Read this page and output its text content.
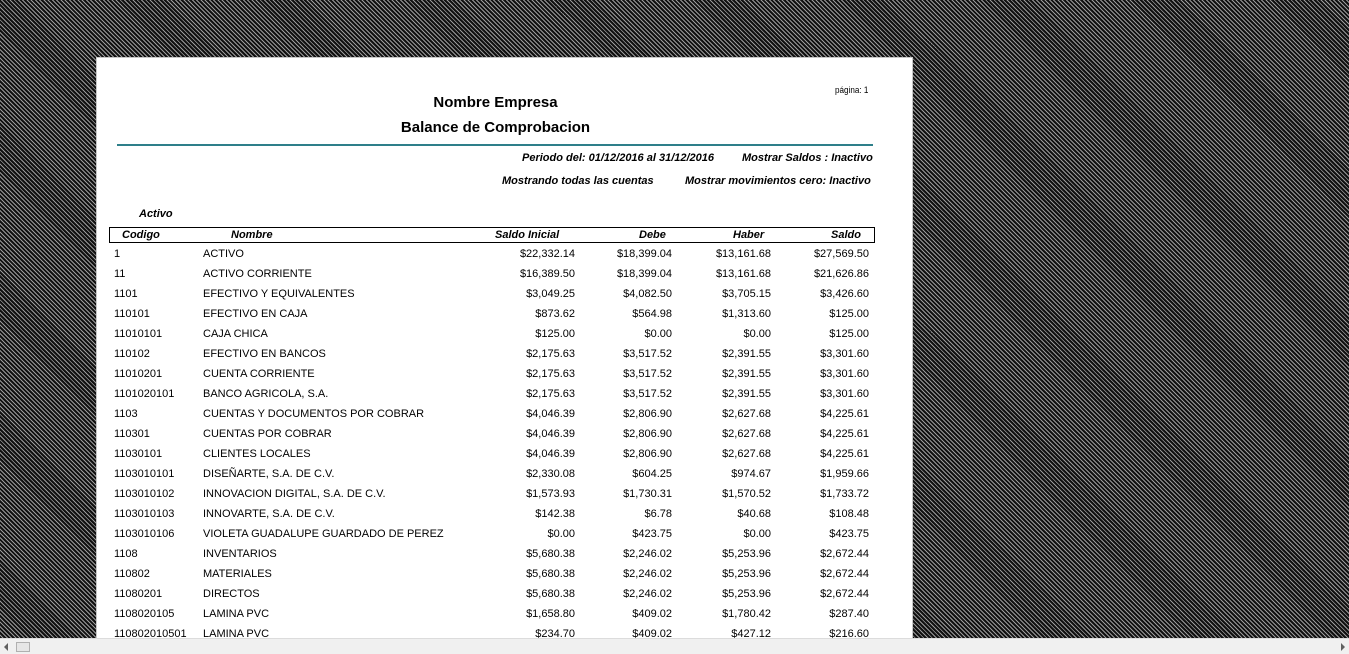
página: 1
Nombre Empresa
Balance de Comprobacion
Periodo del: 01/12/2016 al 31/12/2016	Mostrar Saldos : Inactivo
Mostrando todas las cuentas	Mostrar movimientos cero: Inactivo
Activo
Codigo	Nombre	Saldo Inicial	Debe	Haber	Saldo
1	ACTIVO	$22,332.14	$18,399.04	$13,161.68	$27,569.50
11	ACTIVO CORRIENTE	$16,389.50	$18,399.04	$13,161.68	$21,626.86
1101	EFECTIVO Y EQUIVALENTES	$3,049.25	$4,082.50	$3,705.15	$3,426.60
110101	EFECTIVO EN CAJA	$873.62	$564.98	$1,313.60	$125.00
11010101	CAJA CHICA	$125.00	$0.00	$0.00	$125.00
110102	EFECTIVO EN BANCOS	$2,175.63	$3,517.52	$2,391.55	$3,301.60
11010201	CUENTA CORRIENTE	$2,175.63	$3,517.52	$2,391.55	$3,301.60
1101020101	BANCO AGRICOLA, S.A.	$2,175.63	$3,517.52	$2,391.55	$3,301.60
1103	CUENTAS Y DOCUMENTOS POR COBRAR	$4,046.39	$2,806.90	$2,627.68	$4,225.61
110301	CUENTAS POR COBRAR	$4,046.39	$2,806.90	$2,627.68	$4,225.61
11030101	CLIENTES LOCALES	$4,046.39	$2,806.90	$2,627.68	$4,225.61
1103010101	DISEÑARTE, S.A. DE C.V.	$2,330.08	$604.25	$974.67	$1,959.66
1103010102	INNOVACION DIGITAL, S.A. DE C.V.	$1,573.93	$1,730.31	$1,570.52	$1,733.72
1103010103	INNOVARTE, S.A. DE C.V.	$142.38	$6.78	$40.68	$108.48
1103010106	VIOLETA GUADALUPE GUARDADO DE PEREZ	$0.00	$423.75	$0.00	$423.75
1108	INVENTARIOS	$5,680.38	$2,246.02	$5,253.96	$2,672.44
110802	MATERIALES	$5,680.38	$2,246.02	$5,253.96	$2,672.44
11080201	DIRECTOS	$5,680.38	$2,246.02	$5,253.96	$2,672.44
1108020105	LAMINA PVC	$1,658.80	$409.02	$1,780.42	$287.40
110802010501 LAMINA PVC	$234.70	$409.02	$427.12	$216.60
